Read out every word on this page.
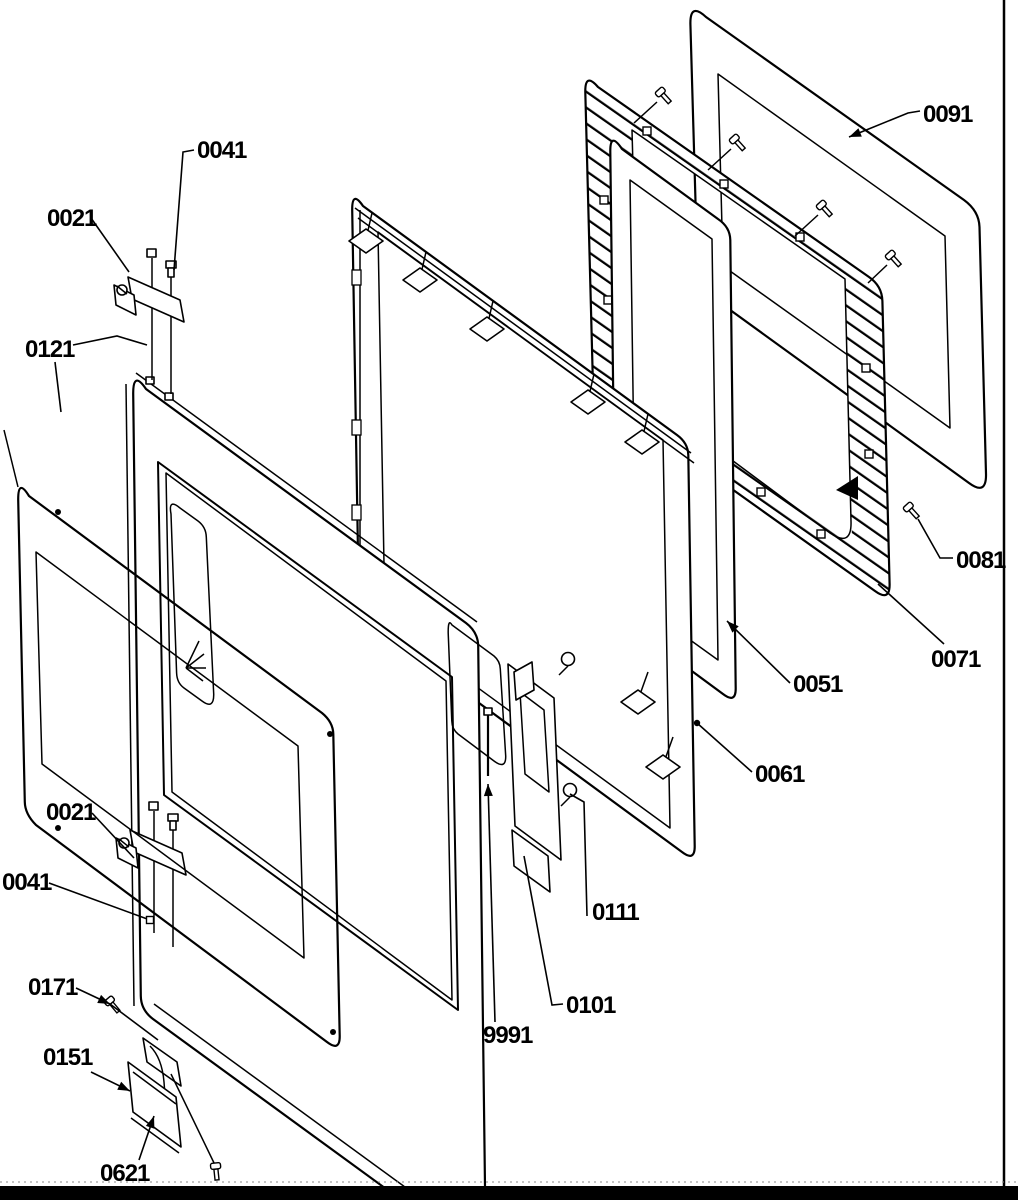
0041
0021
0121
0021
0041
0171
0151
0621
9991
0101
0111
0051
0061
0071
0081
0091
